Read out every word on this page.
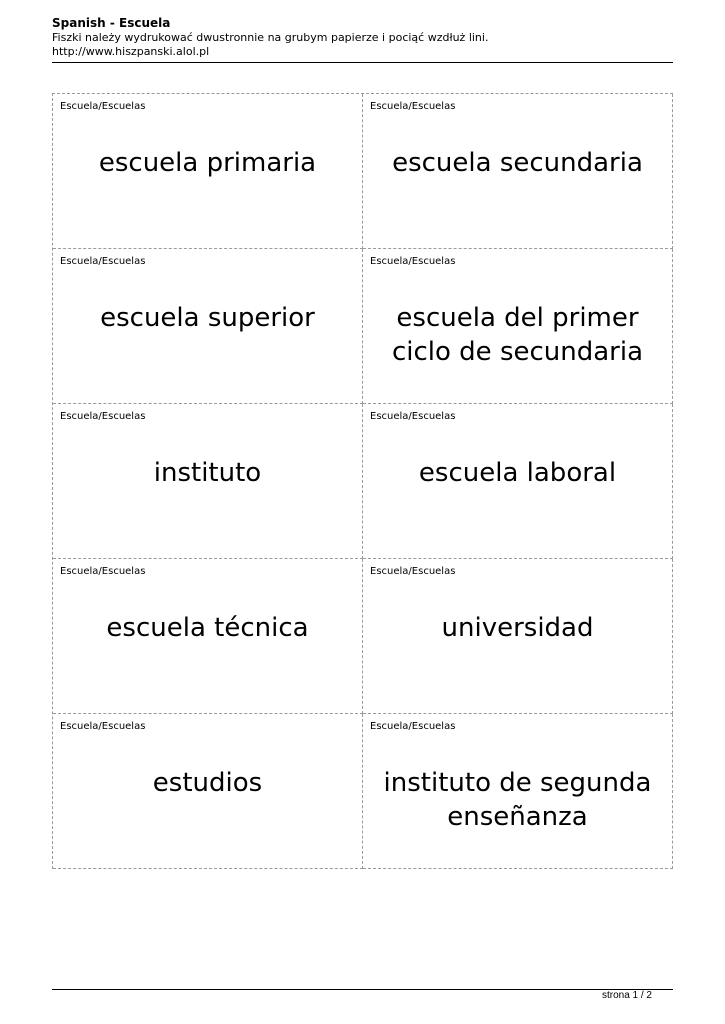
Spanish - Escuela
Fiszki należy wydrukować dwustronnie na grubym papierze i pociąć wzdłuż lini.
http://www.hiszpanski.alol.pl
Escuela/Escuelas
escuela primaria
Escuela/Escuelas
escuela secundaria
Escuela/Escuelas
escuela superior
Escuela/Escuelas
escuela del primer ciclo de secundaria
Escuela/Escuelas
instituto
Escuela/Escuelas
escuela laboral
Escuela/Escuelas
escuela técnica
Escuela/Escuelas
universidad
Escuela/Escuelas
estudios
Escuela/Escuelas
instituto de segunda enseñanza
strona 1 / 2
